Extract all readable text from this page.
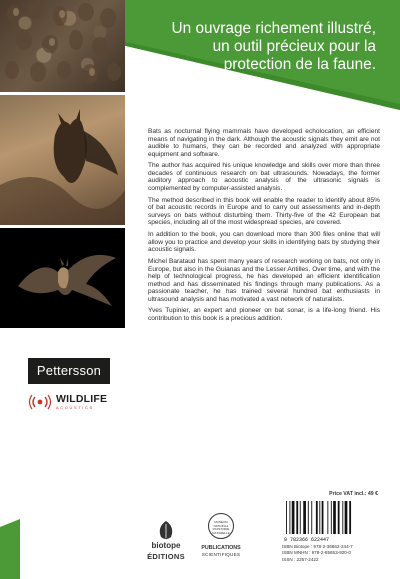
Un ouvrage richement illustré,
un outil précieux pour la
protection de la faune.
Pettersson
WILDLIFE
ACOUSTICS

Bats as nocturnal flying mammals have developed echolocation, an efficient means of navigating in the dark. Although the acoustic signals they emit are not audible to humans, they can be recorded and analyzed with appropriate equipment and software.

The author has acquired his unique knowledge and skills over more than three decades of continuous research on bat ultrasounds. Nowadays, the former auditory approach to acoustic analysis of the ultrasonic signals is complemented by computer-assisted analysis.

The method described in this book will enable the reader to identify about 85% of bat acoustic records in Europe and to carry out assessments and in-depth surveys on bats without disturbing them. Thirty-five of the 42 European bat species, including all of the most widespread species, are covered.

In addition to the book, you can download more than 300 files online that will allow you to practice and develop your skills in identifying bats by studying their acoustic signals.

Michel Barataud has spent many years of research working on bats, not only in Europe, but also in the Guianas and the Lesser Antilles. Over time, and with the help of technological progress, he has developed an efficient identification method and has disseminated his findings through many publications. As a passionate teacher, he has trained several hundred bat enthusiasts in ultrasound analysis and has motivated a vast network of naturalists.

Yves Tupinier, an expert and pioneer on bat sonar, is a life-long friend. His contribution to this book is a precious addition.

Price VAT incl.: 49 €
biotope
ÉDITIONS
MUSÉUM NATIONAL D'HISTOIRE NATURELLE
PUBLICATIONS
SCIENTIFIQUES
9 782366 622447
ISBN Biotope : 978-2-36662-244-7
ISBN MNHN : 978-2-85653-920-0
ISSN : 2257-2422
